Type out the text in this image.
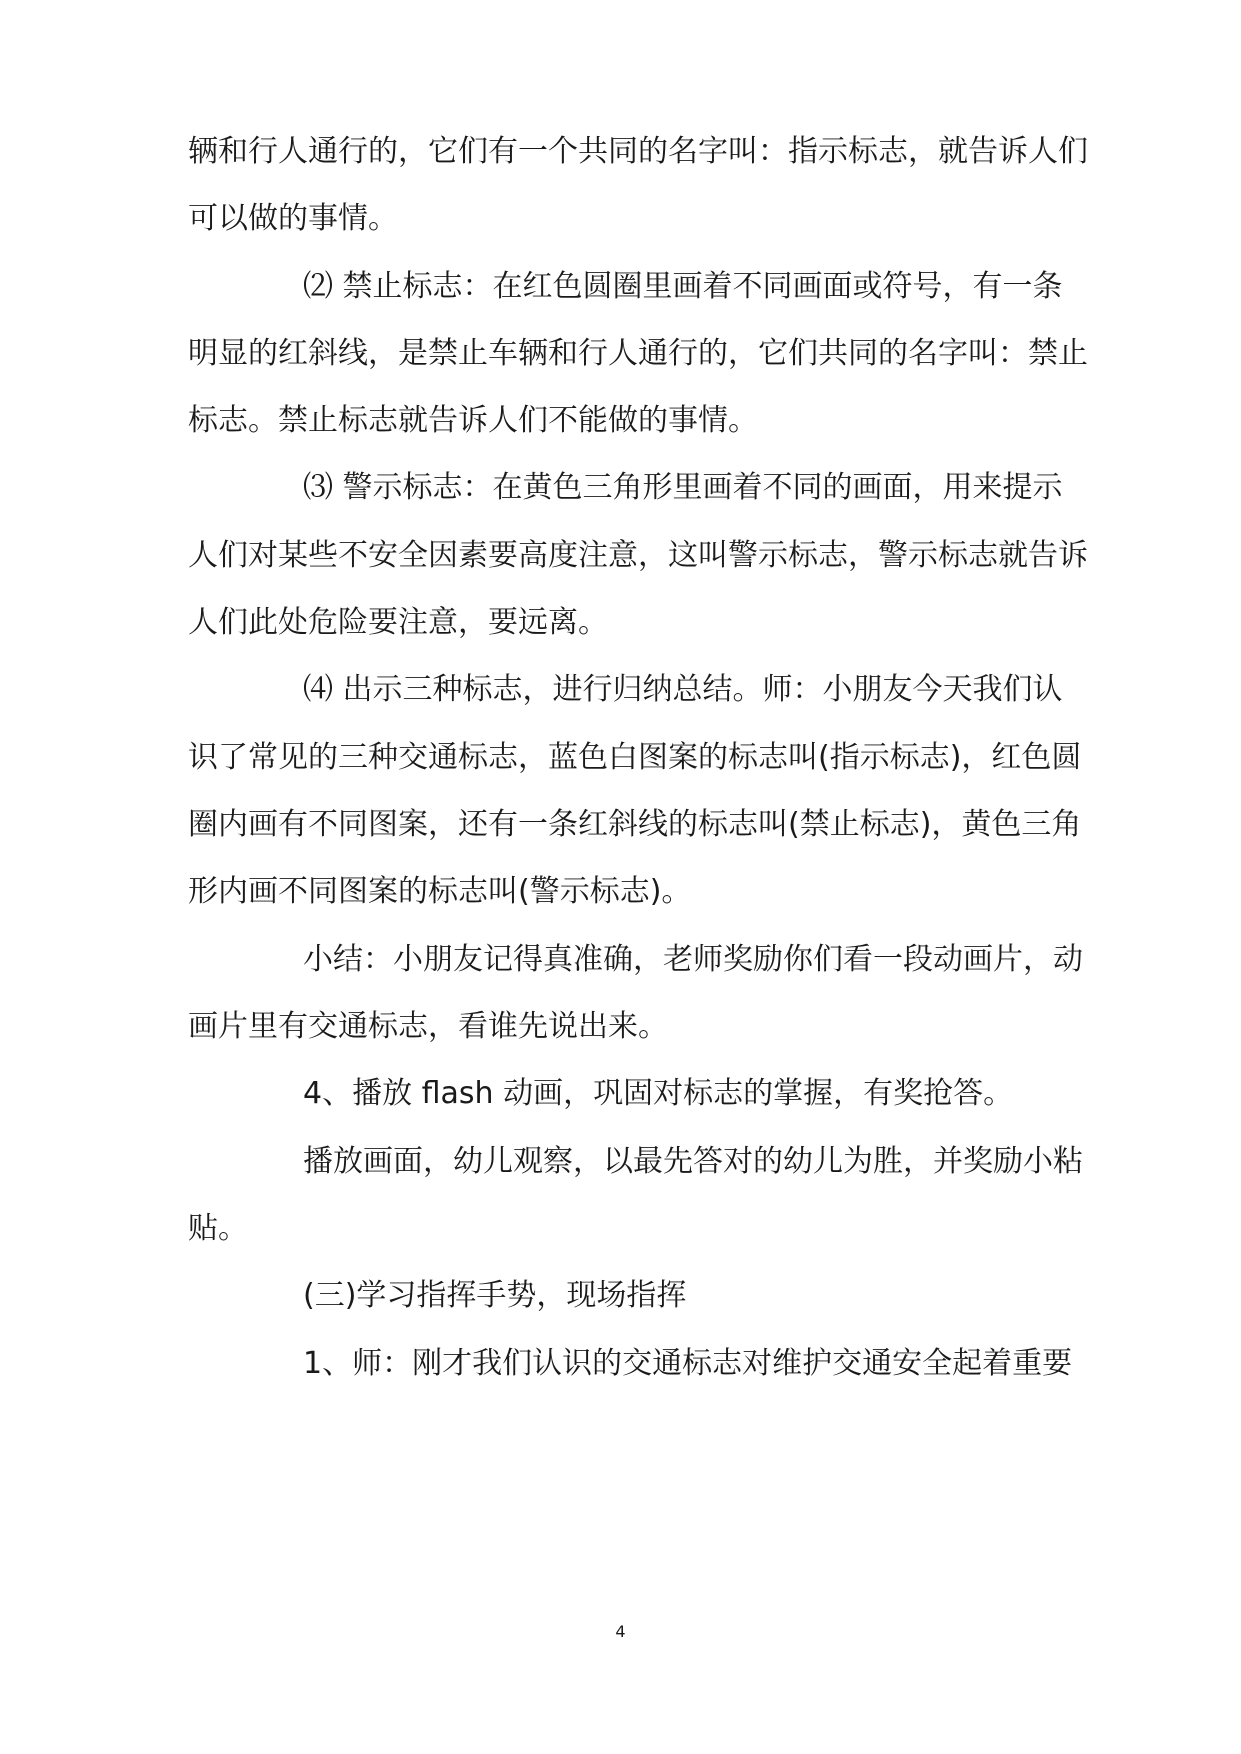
辆和行人通行的，它们有一个共同的名字叫：指示标志，就告诉人们

可以做的事情。

⑵ 禁止标志：在红色圆圈里画着不同画面或符号，有一条

明显的红斜线，是禁止车辆和行人通行的，它们共同的名字叫：禁止

标志。禁止标志就告诉人们不能做的事情。

⑶ 警示标志：在黄色三角形里画着不同的画面，用来提示

人们对某些不安全因素要高度注意，这叫警示标志，警示标志就告诉

人们此处危险要注意，要远离。

⑷ 出示三种标志，进行归纳总结。师：小朋友今天我们认

识了常见的三种交通标志，蓝色白图案的标志叫(指示标志)，红色圆

圈内画有不同图案，还有一条红斜线的标志叫(禁止标志)，黄色三角

形内画不同图案的标志叫(警示标志)。

小结：小朋友记得真准确，老师奖励你们看一段动画片，动

画片里有交通标志，看谁先说出来。

4、播放 flash 动画，巩固对标志的掌握，有奖抢答。

播放画面，幼儿观察，以最先答对的幼儿为胜，并奖励小粘

贴。

(三)学习指挥手势，现场指挥

1、师：刚才我们认识的交通标志对维护交通安全起着重要

4
